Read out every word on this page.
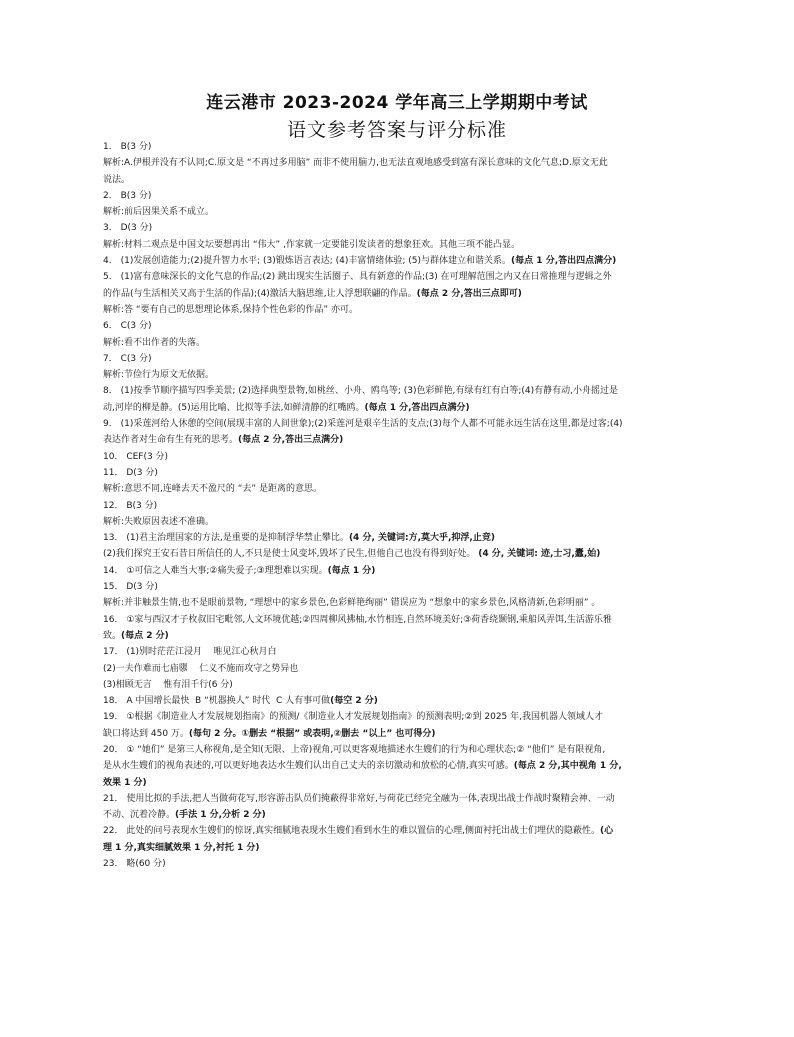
连云港市 2023-2024 学年高三上学期期中考试
语文参考答案与评分标准
1． B(3 分)
解析:A.伊根并没有不认同;C.原文是 “不再过多用脑” 而非不使用脑力,也无法直观地感受到富有深长意味的文化气息;D.原文无此
说法。
2． B(3 分)
解析:前后因果关系不成立。
3． D(3 分)
解析:材料二观点是中国文坛要想再出 “伟大” ,作家就一定要能引发读者的想象狂欢。其他三项不能凸显。
4． (1)发展创造能力;(2)提升智力水平; (3)锻炼语言表达; (4)丰富情绪体验; (5)与群体建立和谐关系。(每点 1 分,答出四点满分)
5． (1)富有意味深长的文化气息的作品;(2) 跳出现实生活圈子、具有新意的作品;(3) 在可理解范围之内又在日常推理与逻辑之外
的作品(与生活相关又高于生活的作品);(4)激活大脑思维,让人浮想联翩的作品。(每点 2 分,答出三点即可)
解析:答 “要有自己的思想理论体系,保持个性色彩的作品” 亦可。
6． C(3 分)
解析:看不出作者的失落。
7． C(3 分)
解析:节俭行为原文无依据。
8． (1)按季节顺序描写四季美景; (2)选择典型景物,如桃丝、小舟、鸥鸟等; (3)色彩鲜艳,有绿有红有白等;(4)有静有动,小舟摇过是
动,河岸的柳是静。(5)运用比喻、比拟等手法,如鲜清静的红嘴鸥。(每点 1 分,答出四点满分)
9． (1)采莲河给人休憩的空间(展现丰富的人间世象);(2)采莲河是艰辛生活的支点;(3)每个人都不可能永远生活在这里,都是过客;(4)
表达作者对生命有生有死的思考。(每点 2 分,答出三点满分)
10． CEF(3 分)
11． D(3 分)
解析:意思不同,连峰去天不盈尺的 “去” 是距离的意思。
12． B(3 分)
解析:失败原因表述不准确。
13． (1)君主治理国家的方法,是重要的是抑制浮华禁止攀比。(4 分, 关键词:方,莫大乎,抑浮,止竞)
(2)我们探究王安石昔日所信任的人,不只是使士风变坏,毁坏了民生,但他自己也没有得到好处。 (4 分, 关键词: 迹,士习,蠹,始)
14． ①可信之人难当大事;②痛失爱子;③理想难以实现。(每点 1 分)
15． D(3 分)
解析:并非触景生情,也不是眼前景物, “理想中的家乡景色,色彩鲜艳绚丽” 错误应为 “想象中的家乡景色,风格清新,色彩明丽” 。
16． ①家与西汉才子枚叔旧宅毗邻,人文环境优越;②四周柳风拂柚,水竹相连,自然环境美好;③荷香绕颞钢,乘船风弄饵,生活游乐雅
致。(每点 2 分)
17． (1)别时茫茫江浸月    唯见江心秋月白
(2)一夫作难而七庙隳    仁义不施而攻守之势异也
(3)相顾无言    惟有泪千行(6 分)
18． A 中国增长最快  B “机器换人” 时代  C 人有事可做(每空 2 分)
19． ①根据《制造业人才发展规划指南》的预测/《制造业人才发展规划指南》的预测表明;②到 2025 年,我国机器人领域人才
缺口将达到 450 万。(每句 2 分。①删去 “根据” 或表明,②删去 “以上” 也可得分)
20． ① “她们” 是第三人称视角,是全知(无限、上帝)视角,可以更客观地描述水生嫂们的行为和心理状态;② “他们” 是有限视角,
是从水生嫂们的视角表述的,可以更好地表达水生嫂们认出自己丈夫的亲切激动和放松的心情,真实可感。(每点 2 分,其中视角 1 分,
效果 1 分)
21． 使用比拟的手法,把人当做荷花写,形容游击队员们掩蔽得非常好,与荷花已经完全融为一体,表现出战士作战时聚精会神、一动
不动、沉着冷静。(手法 1 分,分析 2 分)
22． 此处的问号表现水生嫂们的惊讶,真实细腻地表现水生嫂们看到水生的难以置信的心理,侧面衬托出战士们埋伏的隐蔽性。(心
理 1 分,真实细腻效果 1 分,衬托 1 分)
23． 略(60 分)
